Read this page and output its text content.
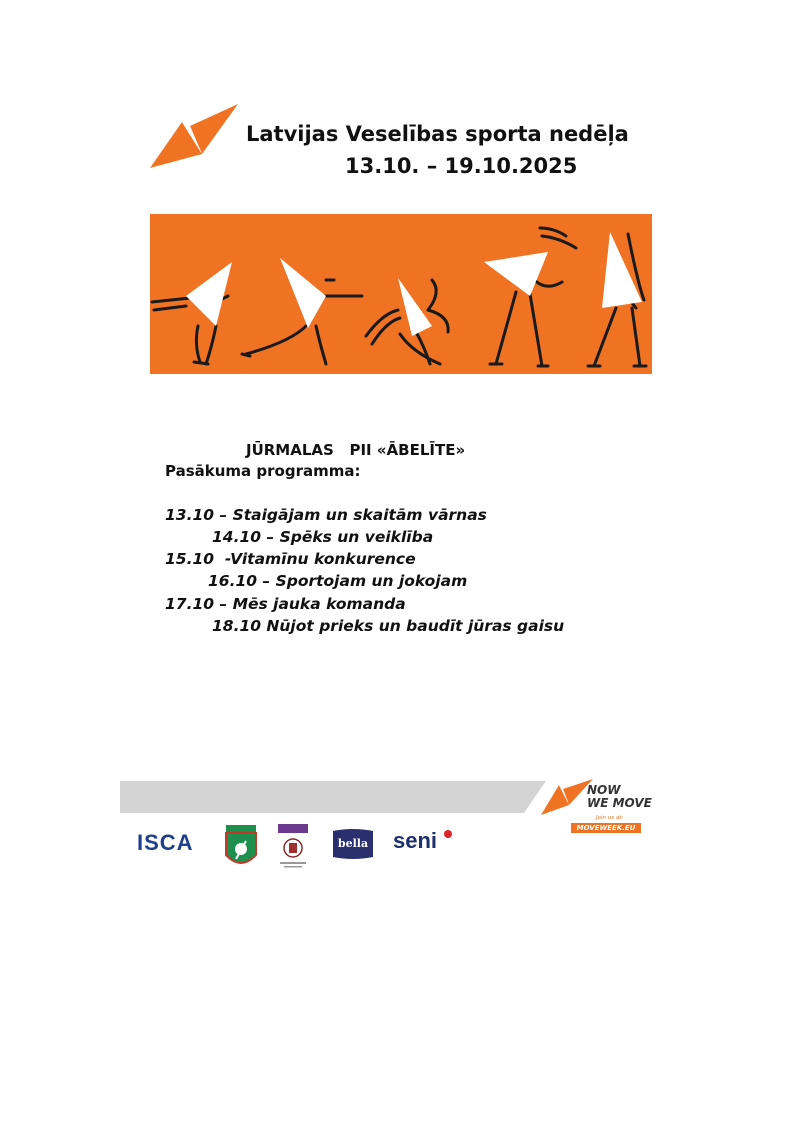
Latvijas Veselības sporta nedēļa
13.10. – 19.10.2025
JŪRMALAS   PII «ĀBELĪTE»
Pasākuma programma:
13.10 – Staigājam un skaitām vārnas
14.10 – Spēks un veiklība
15.10  -Vitamīnu konkurence
16.10 – Sportojam un jokojam
17.10 – Mēs jauka komanda
18.10 Nūjot prieks un baudīt jūras gaisu
NOW
WE MOVE
Join us at:
MOVEWEEK.EU
ISCA	bella	seni
